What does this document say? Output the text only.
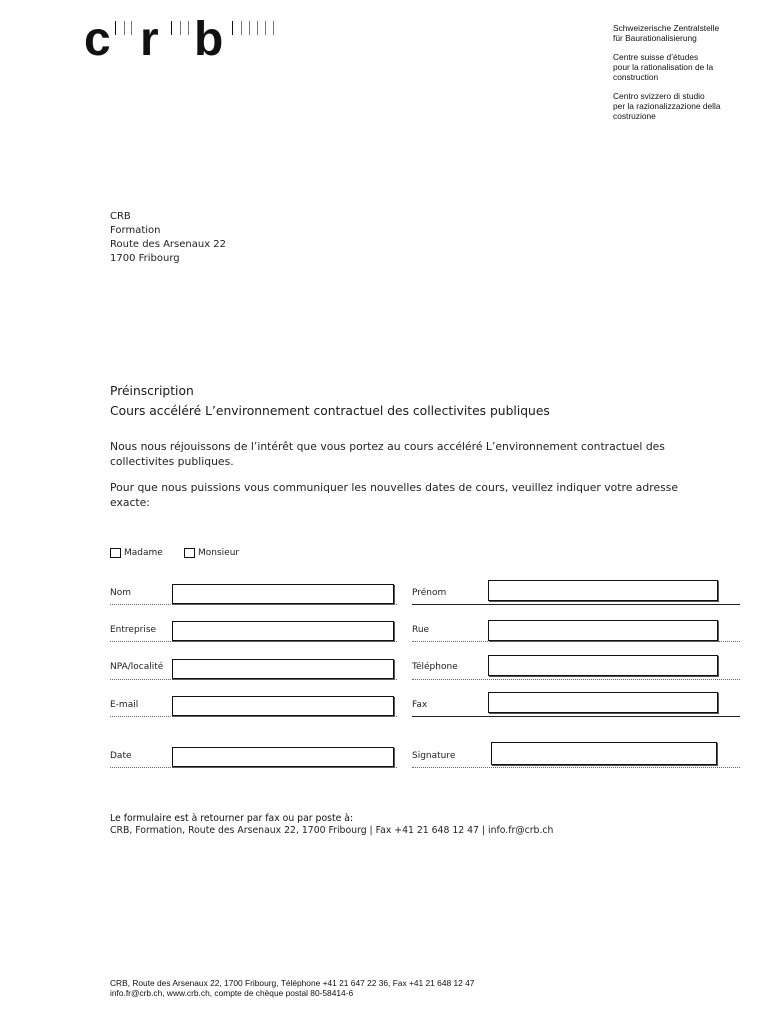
c r b	Schweizerische Zentralstelle
für Baurationalisierung
Centre suisse d’études
pour la rationalisation de la
construction
Centro svizzero di studio
per la razionalizzazione della
costruzione
CRB
Formation
Route des Arsenaux 22
1700 Fribourg
Préinscription
Cours accéléré L’environnement contractuel des collectivites publiques
Nous nous réjouissons de l’intérêt que vous portez au cours accéléré L’environnement contractuel des collectivites publiques.
Pour que nous puissions vous communiquer les nouvelles dates de cours, veuillez indiquer votre adresse exacte:
Madame	Monsieur
Nom	Prénom
Entreprise	Rue
NPA/localité	Téléphone
E-mail	Fax
Date	Signature
Le formulaire est à retourner par fax ou par poste à:
CRB, Formation, Route des Arsenaux 22, 1700 Fribourg | Fax +41 21 648 12 47 | info.fr@crb.ch
CRB, Route des Arsenaux 22, 1700 Fribourg, Téléphone +41 21 647 22 36, Fax +41 21 648 12 47
info.fr@crb.ch, www.crb.ch, compte de chèque postal 80-58414-6
